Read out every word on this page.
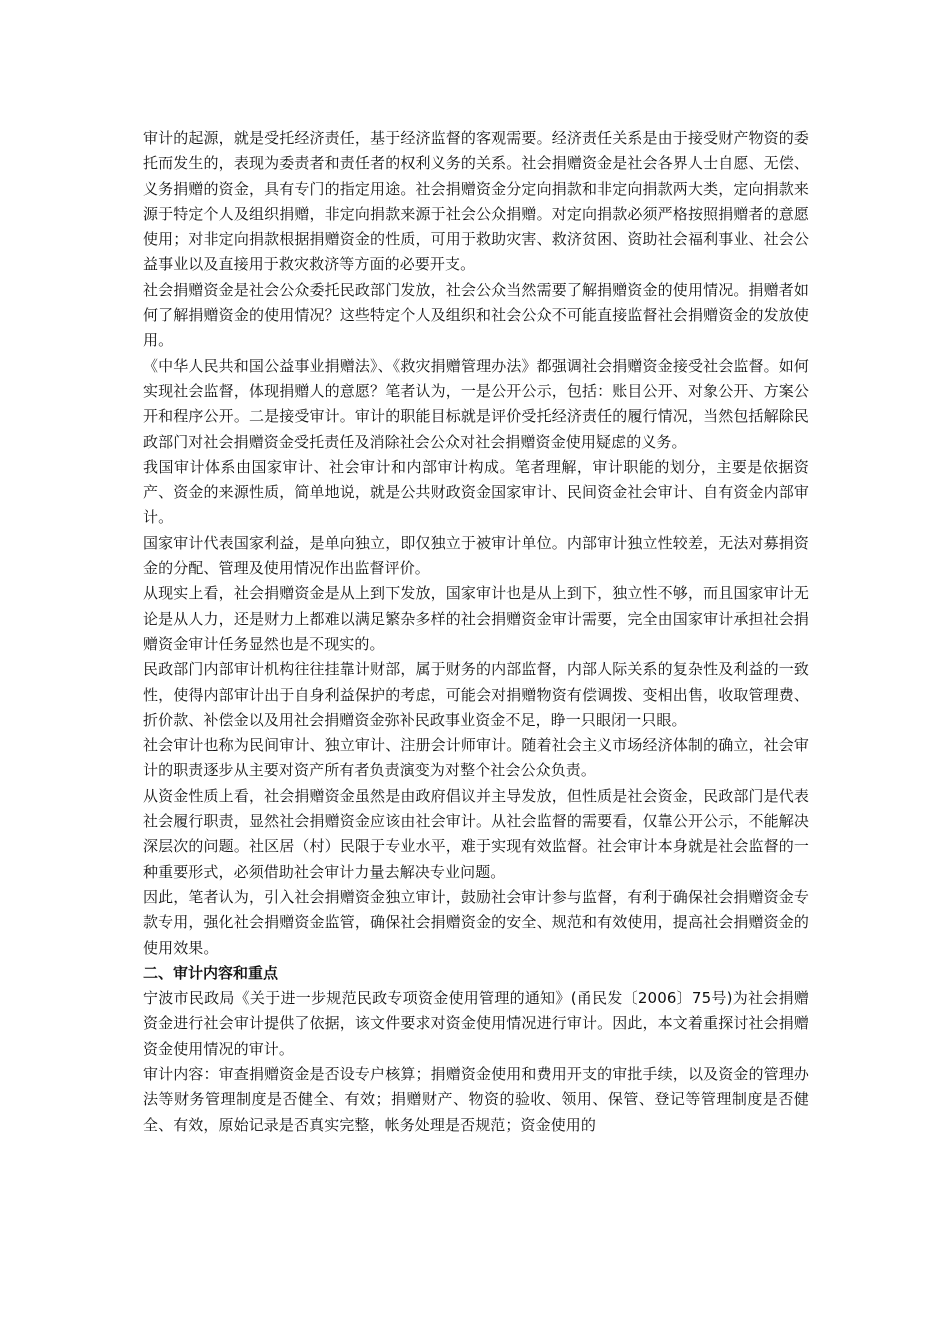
审计的起源，就是受托经济责任，基于经济监督的客观需要。经济责任关系是由于接受财产物资的委托而发生的，表现为委责者和责任者的权利义务的关系。社会捐赠资金是社会各界人士自愿、无偿、义务捐赠的资金，具有专门的指定用途。社会捐赠资金分定向捐款和非定向捐款两大类，定向捐款来源于特定个人及组织捐赠，非定向捐款来源于社会公众捐赠。对定向捐款必须严格按照捐赠者的意愿使用；对非定向捐款根据捐赠资金的性质，可用于救助灾害、救济贫困、资助社会福利事业、社会公益事业以及直接用于救灾救济等方面的必要开支。

社会捐赠资金是社会公众委托民政部门发放，社会公众当然需要了解捐赠资金的使用情况。捐赠者如何了解捐赠资金的使用情况？这些特定个人及组织和社会公众不可能直接监督社会捐赠资金的发放使用。

《中华人民共和国公益事业捐赠法》、《救灾捐赠管理办法》都强调社会捐赠资金接受社会监督。如何实现社会监督，体现捐赠人的意愿？笔者认为，一是公开公示，包括：账目公开、对象公开、方案公开和程序公开。二是接受审计。审计的职能目标就是评价受托经济责任的履行情况，当然包括解除民政部门对社会捐赠资金受托责任及消除社会公众对社会捐赠资金使用疑虑的义务。

我国审计体系由国家审计、社会审计和内部审计构成。笔者理解，审计职能的划分，主要是依据资产、资金的来源性质，简单地说，就是公共财政资金国家审计、民间资金社会审计、自有资金内部审计。

国家审计代表国家利益，是单向独立，即仅独立于被审计单位。内部审计独立性较差，无法对募捐资金的分配、管理及使用情况作出监督评价。

从现实上看，社会捐赠资金是从上到下发放，国家审计也是从上到下，独立性不够，而且国家审计无论是从人力，还是财力上都难以满足繁杂多样的社会捐赠资金审计需要，完全由国家审计承担社会捐赠资金审计任务显然也是不现实的。

民政部门内部审计机构往往挂靠计财部，属于财务的内部监督，内部人际关系的复杂性及利益的一致性，使得内部审计出于自身利益保护的考虑，可能会对捐赠物资有偿调拨、变相出售，收取管理费、折价款、补偿金以及用社会捐赠资金弥补民政事业资金不足，睁一只眼闭一只眼。

社会审计也称为民间审计、独立审计、注册会计师审计。随着社会主义市场经济体制的确立，社会审计的职责逐步从主要对资产所有者负责演变为对整个社会公众负责。

从资金性质上看，社会捐赠资金虽然是由政府倡议并主导发放，但性质是社会资金，民政部门是代表社会履行职责，显然社会捐赠资金应该由社会审计。从社会监督的需要看，仅靠公开公示，不能解决深层次的问题。社区居（村）民限于专业水平，难于实现有效监督。社会审计本身就是社会监督的一种重要形式，必须借助社会审计力量去解决专业问题。

因此，笔者认为，引入社会捐赠资金独立审计，鼓励社会审计参与监督，有利于确保社会捐赠资金专款专用，强化社会捐赠资金监管，确保社会捐赠资金的安全、规范和有效使用，提高社会捐赠资金的使用效果。

二、审计内容和重点

宁波市民政局《关于进一步规范民政专项资金使用管理的通知》(甬民发〔2006〕75号)为社会捐赠资金进行社会审计提供了依据，该文件要求对资金使用情况进行审计。因此，本文着重探讨社会捐赠资金使用情况的审计。

审计内容：审查捐赠资金是否设专户核算；捐赠资金使用和费用开支的审批手续，以及资金的管理办法等财务管理制度是否健全、有效；捐赠财产、物资的验收、领用、保管、登记等管理制度是否健全、有效，原始记录是否真实完整，帐务处理是否规范；资金使用的
